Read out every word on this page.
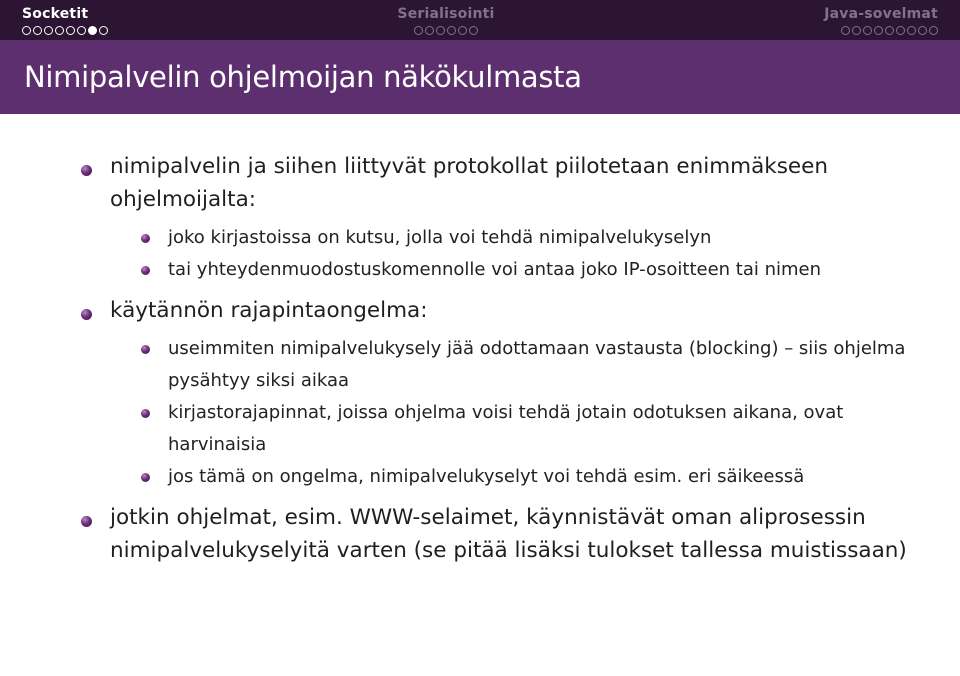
Socketit	Serialisointi	Java-sovelmat
Nimipalvelin ohjelmoijan näkökulmasta
nimipalvelin ja siihen liittyvät protokollat piilotetaan enimmäkseen ohjelmoijalta:
joko kirjastoissa on kutsu, jolla voi tehdä nimipalvelukyselyn
tai yhteydenmuodostuskomennolle voi antaa joko IP-osoitteen tai nimen
käytännön rajapintaongelma:
useimmiten nimipalvelukysely jää odottamaan vastausta (blocking) – siis ohjelma pysähtyy siksi aikaa
kirjastorajapinnat, joissa ohjelma voisi tehdä jotain odotuksen aikana, ovat harvinaisia
jos tämä on ongelma, nimipalvelukyselyt voi tehdä esim. eri säikeessä
jotkin ohjelmat, esim. WWW-selaimet, käynnistävät oman aliprosessin nimipalvelukyselyitä varten (se pitää lisäksi tulokset tallessa muistissaan)
